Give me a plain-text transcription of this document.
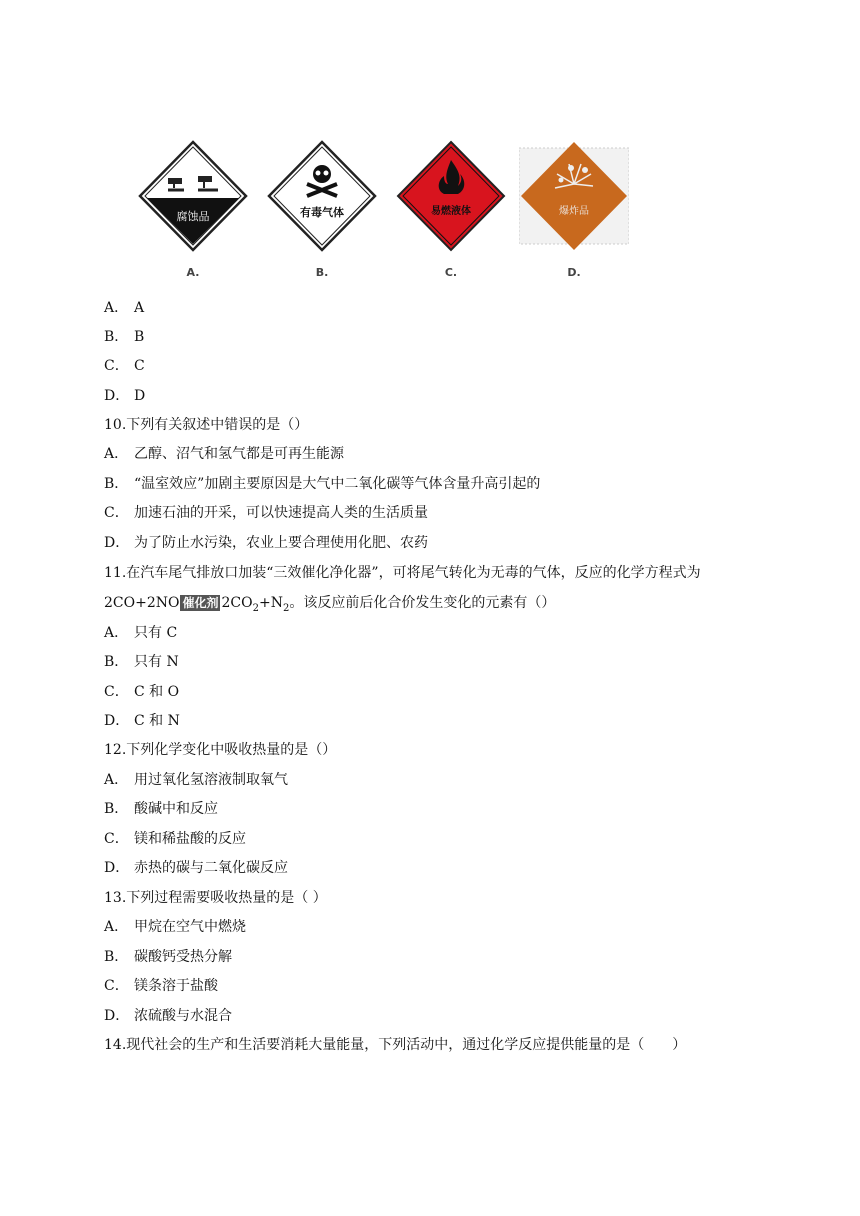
腐蚀品
A.
有毒气体
B.
易燃液体
C.
爆炸品
D.
A． A
B． B
C． C
D． D
10.下列有关叙述中错误的是（）
A． 乙醇、沼气和氢气都是可再生能源
B． “温室效应”加剧主要原因是大气中二氧化碳等气体含量升高引起的
C． 加速石油的开采，可以快速提高人类的生活质量
D． 为了防止水污染，农业上要合理使用化肥、农药
11.在汽车尾气排放口加装“三效催化净化器”，可将尾气转化为无毒的气体，反应的化学方程式为
2CO+2NO 催化剂 $2CO_2+N_2$。该反应前后化合价发生变化的元素有（）
A． 只有 C
B． 只有 N
C． C 和 O
D． C 和 N
12.下列化学变化中吸收热量的是（）
A． 用过氧化氢溶液制取氧气
B． 酸碱中和反应
C． 镁和稀盐酸的反应
D． 赤热的碳与二氧化碳反应
13.下列过程需要吸收热量的是（ ）
A． 甲烷在空气中燃烧
B． 碳酸钙受热分解
C． 镁条溶于盐酸
D． 浓硫酸与水混合
14.现代社会的生产和生活要消耗大量能量，下列活动中，通过化学反应提供能量的是（　　）
